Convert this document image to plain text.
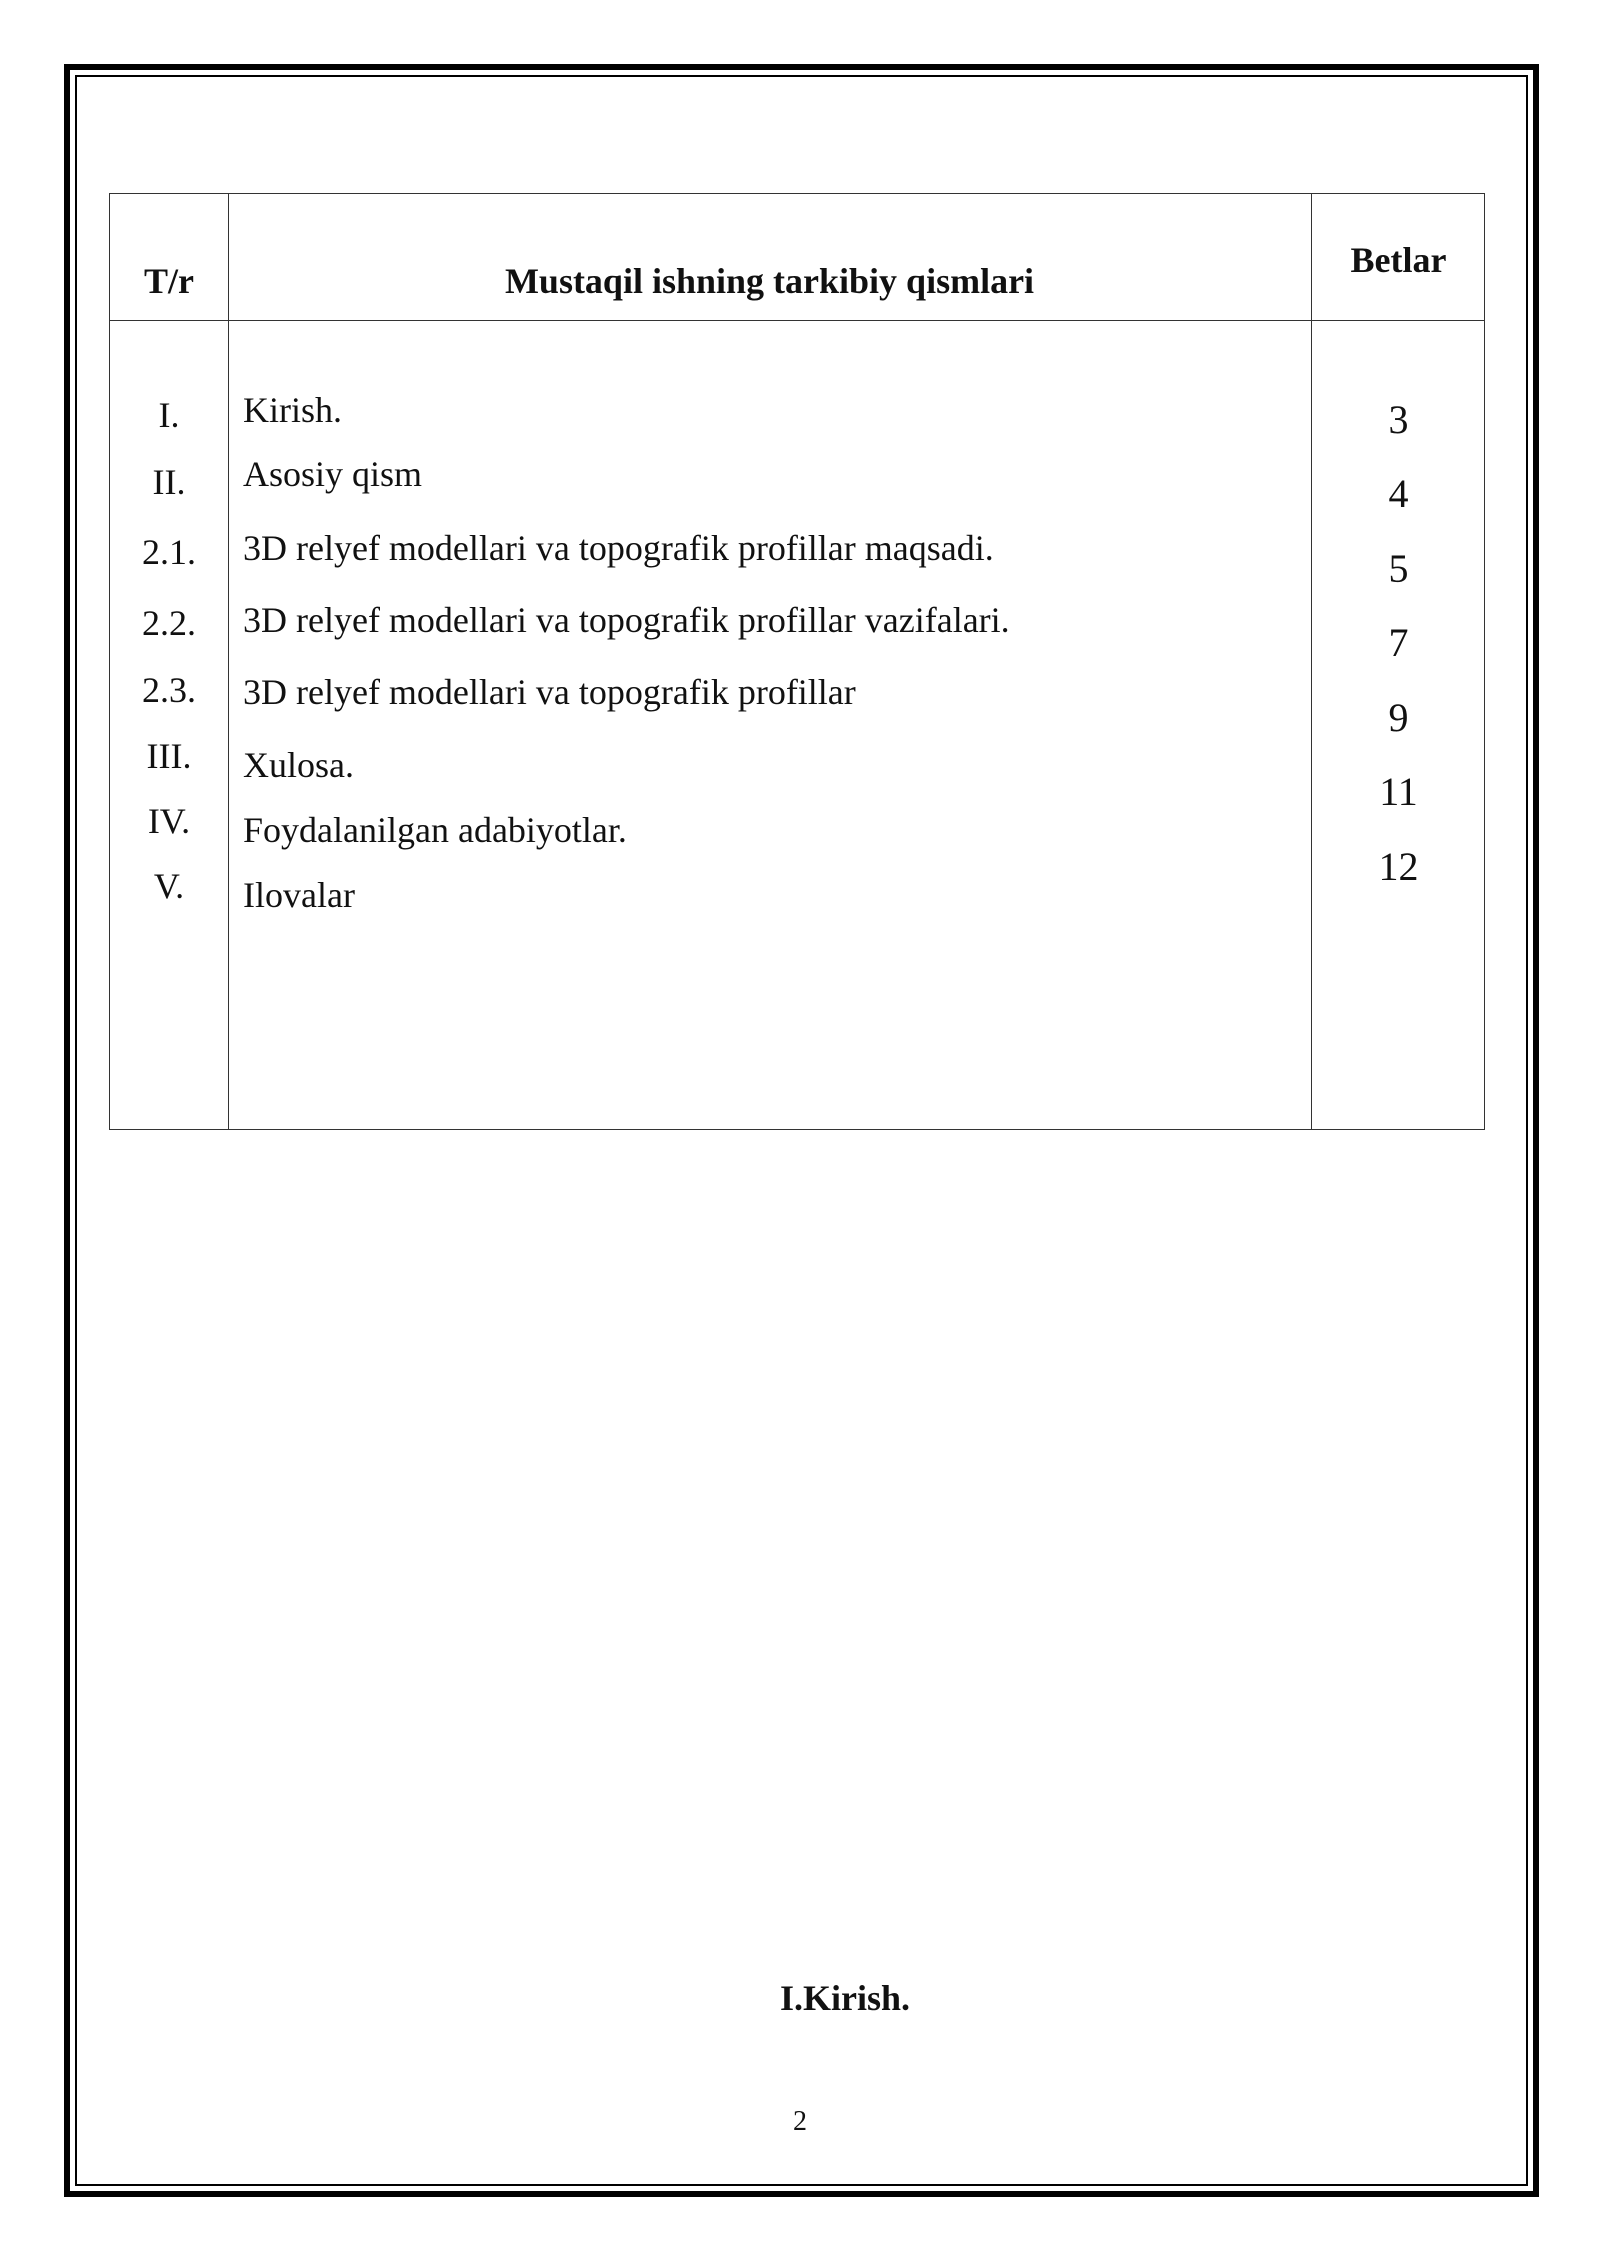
T/r	Mustaqil ishning tarkibiy qismlari
Betlar
I.
II.
2.1.
2.2.
2.3.
III.
IV.
V.
Kirish.
Asosiy qism
3D relyef modellari va topografik profillar maqsadi.
3D relyef modellari va topografik profillar vazifalari.
3D relyef modellari va topografik profillar
Xulosa.
Foydalanilgan adabiyotlar.
Ilovalar
3
4
5
7
9
11
12
I.Kirish.
2
